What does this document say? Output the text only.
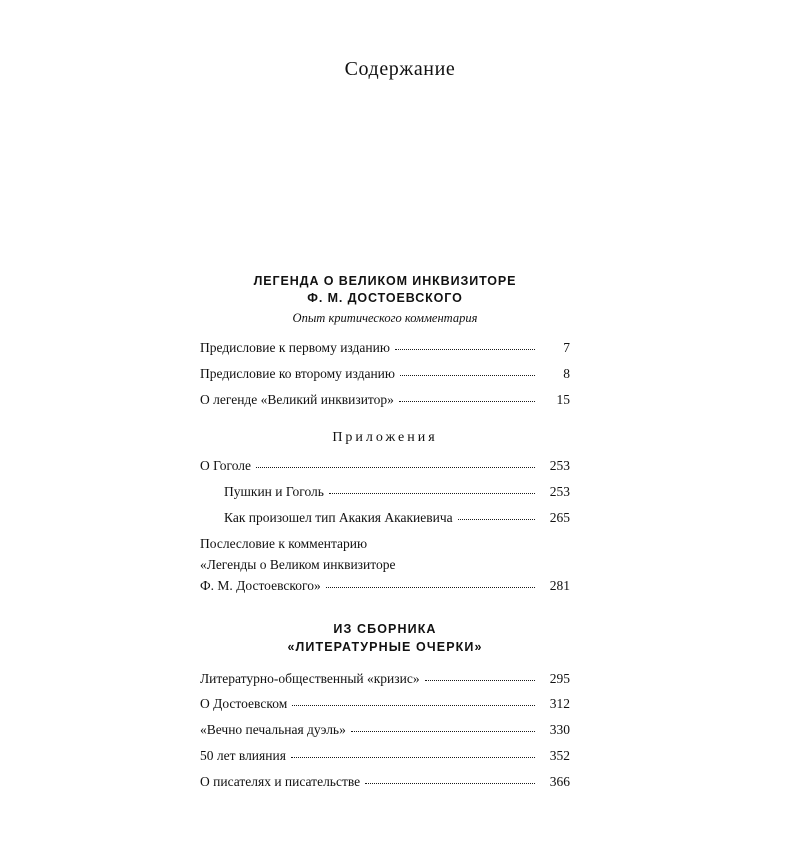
Содержание
ЛЕГЕНДА О ВЕЛИКОМ ИНКВИЗИТОРЕ
Ф. М. ДОСТОЕВСКОГО
Опыт критического комментария
Предисловие к первому изданию	7
Предисловие ко второму изданию	8
О легенде «Великий инквизитор»	15
Приложения
О Гоголе	253
Пушкин и Гоголь	253
Как произошел тип Акакия Акакиевича	265
Послесловие к комментарию
«Легенды о Великом инквизиторе
Ф. М. Достоевского»	281
ИЗ СБОРНИКА
«ЛИТЕРАТУРНЫЕ ОЧЕРКИ»
Литературно-общественный «кризис»	295
О Достоевском	312
«Вечно печальная дуэль»	330
50 лет влияния	352
О писателях и писательстве	366
